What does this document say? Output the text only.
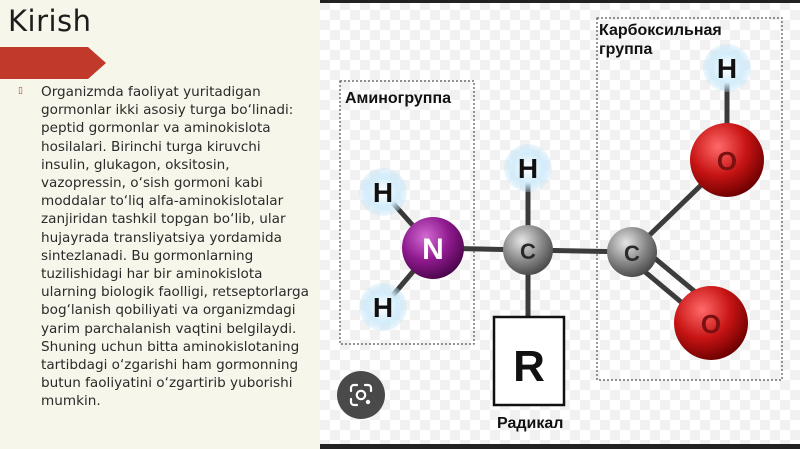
Kirish
▯ Organizmda faoliyat yuritadigan gormonlar ikki asosiy turga bo‘linadi: peptid gormonlar va aminokislota hosilalari. Birinchi turga kiruvchi insulin, glukagon, oksitosin, vazopressin, o‘sish gormoni kabi moddalar to‘liq alfa-aminokislotalar zanjiridan tashkil topgan bo‘lib, ular hujayrada transliyatsiya yordamida sintezlanadi. Bu gormonlarning tuzilishidagi har bir aminokislota ularning biologik faolligi, retseptorlarga bog‘lanish qobiliyati va organizmdagi yarim parchalanish vaqtini belgilaydi. Shuning uchun bitta aminokislotaning tartibdagi o‘zgarishi ham gormonning butun faoliyatini o‘zgartirib yuborishi mumkin.
H
H
H
H
N	C	C
O
O
R
Аминогруппа
Карбоксильная
группа
Радикал
